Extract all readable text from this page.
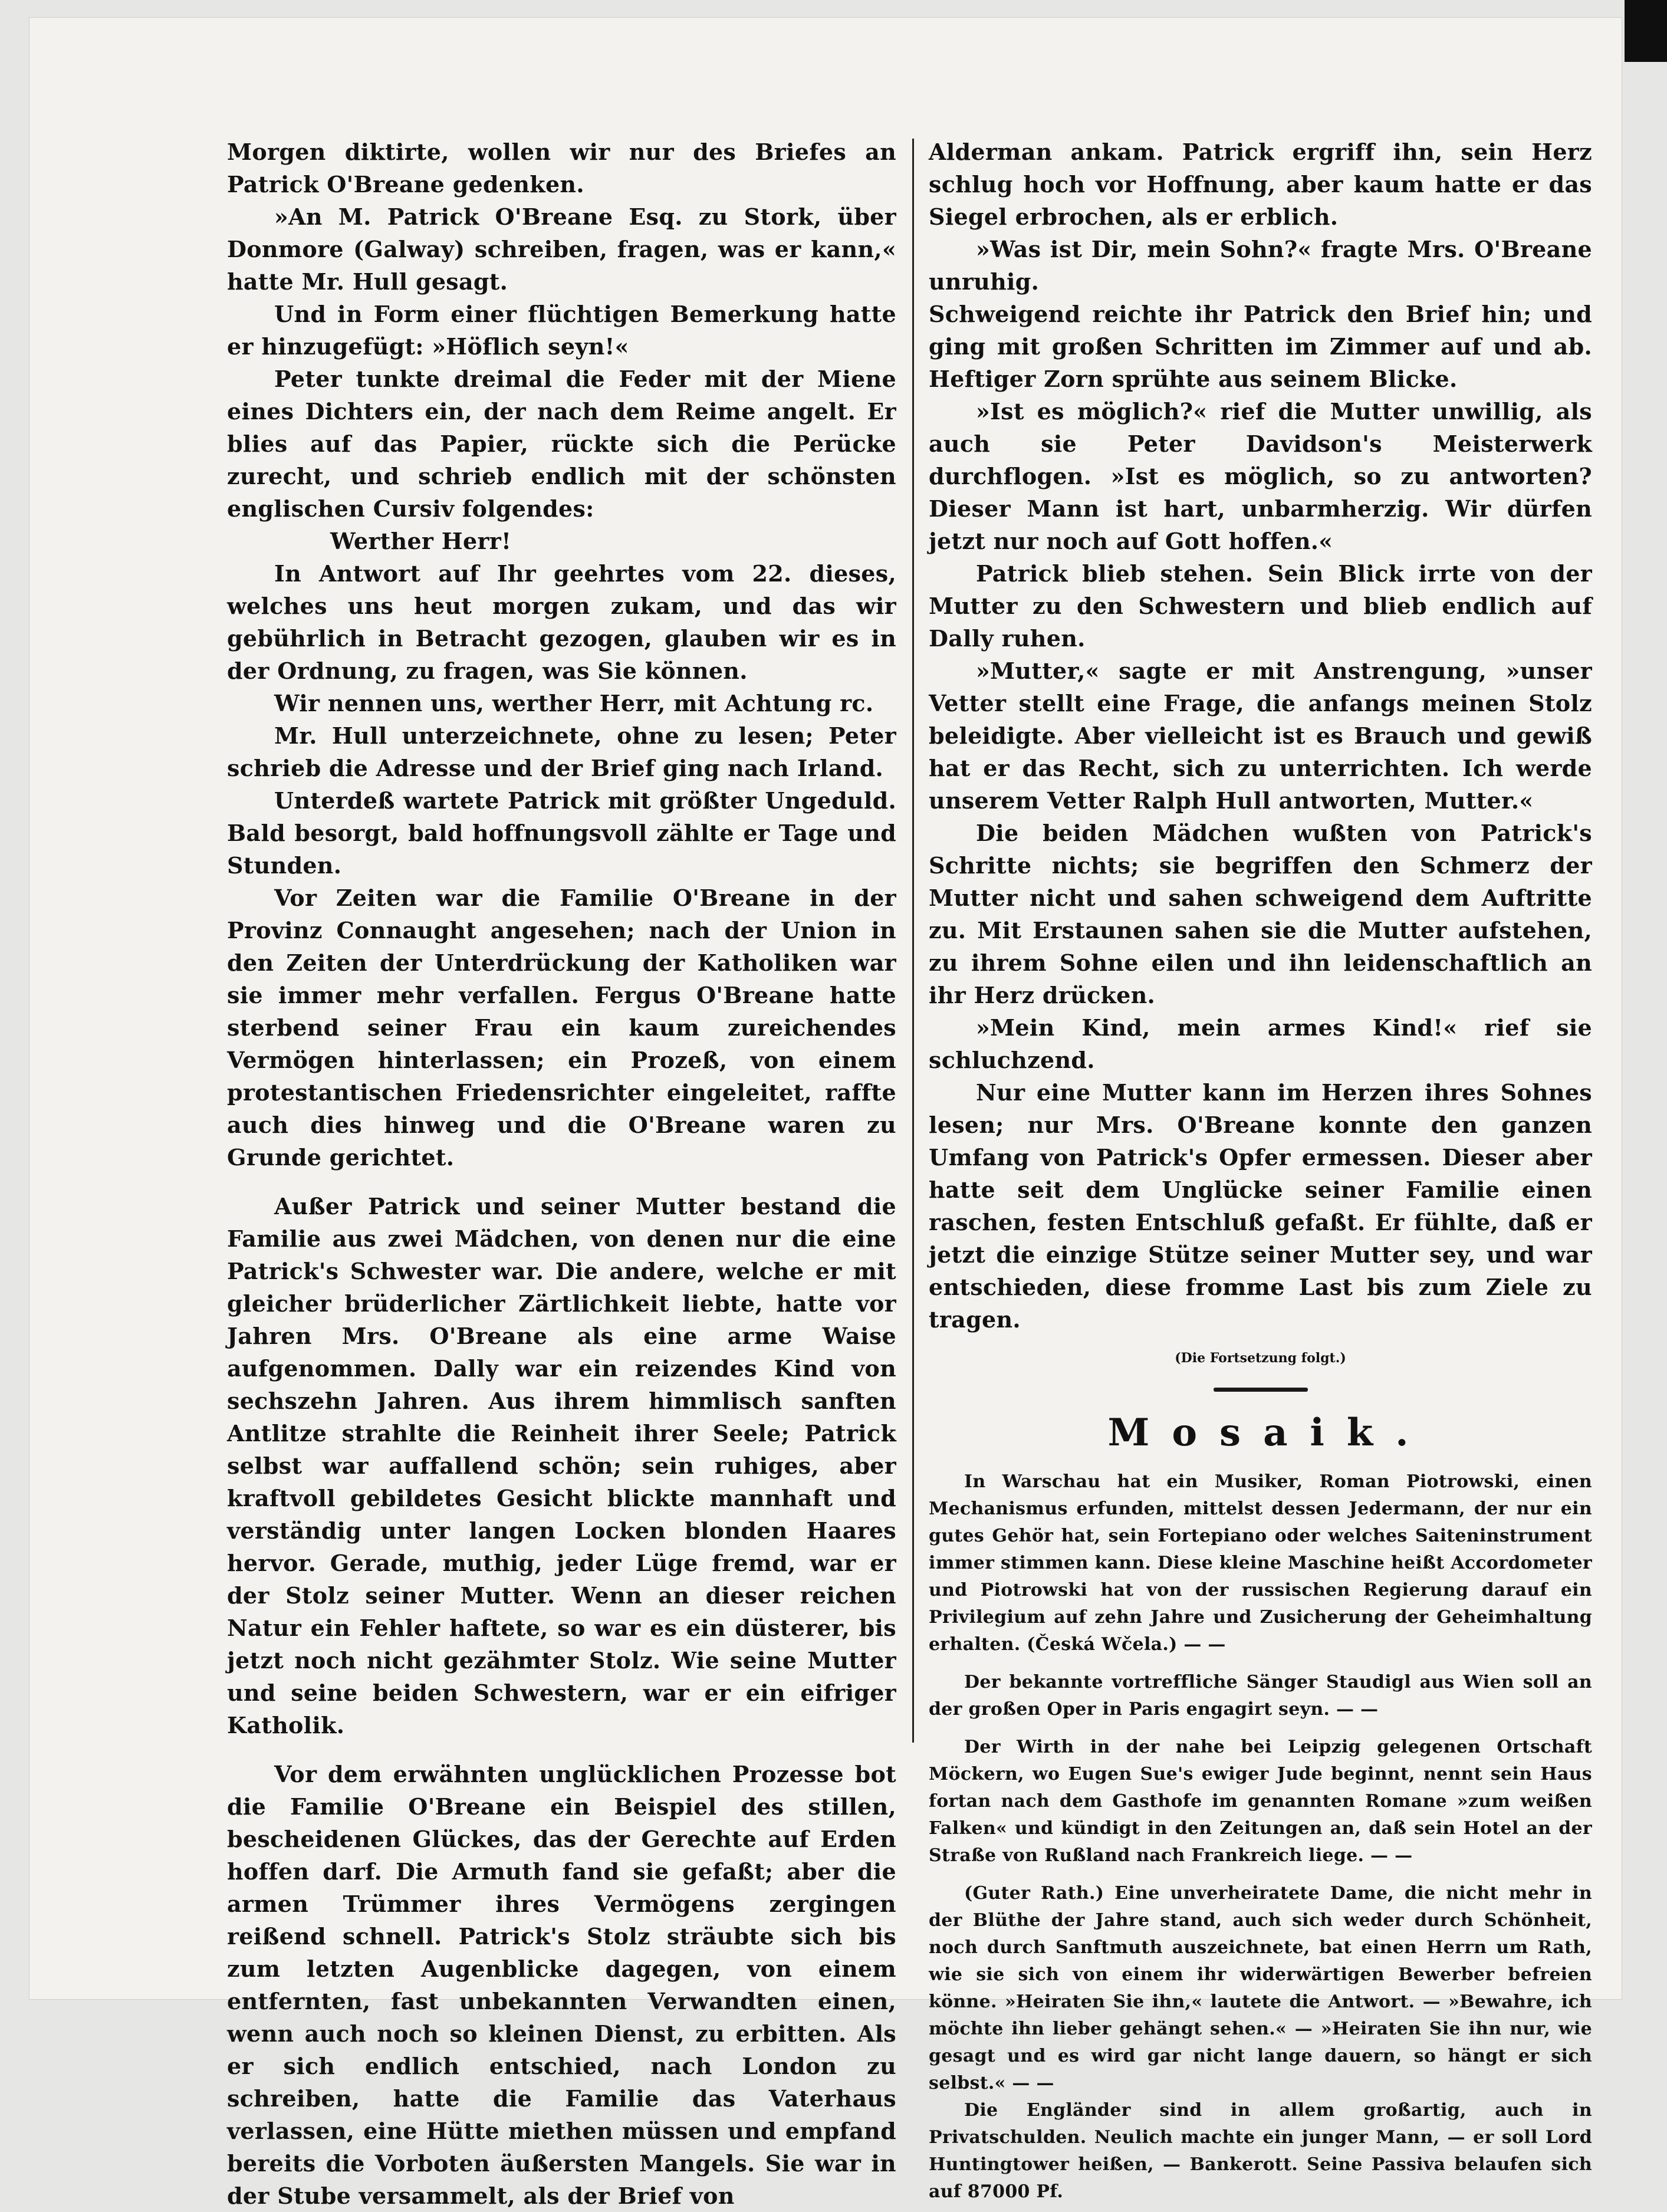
Morgen diktirte, wollen wir nur des Briefes an Patrick O'Breane gedenken.

»An M. Patrick O'Breane Esq. zu Stork, über Donmore (Galway) schreiben, fragen, was er kann,« hatte Mr. Hull gesagt.

Und in Form einer flüchtigen Bemerkung hatte er hinzugefügt: »Höflich seyn!«

Peter tunkte dreimal die Feder mit der Miene eines Dichters ein, der nach dem Reime angelt. Er blies auf das Papier, rückte sich die Perücke zurecht, und schrieb endlich mit der schönsten englischen Cursiv folgendes:

Werther Herr!

In Antwort auf Ihr geehrtes vom 22. dieses, welches uns heut morgen zukam, und das wir gebührlich in Betracht gezogen, glauben wir es in der Ordnung, zu fragen, was Sie können.

Wir nennen uns, werther Herr, mit Achtung rc.

Mr. Hull unterzeichnete, ohne zu lesen; Peter schrieb die Adresse und der Brief ging nach Irland.

Unterdeß wartete Patrick mit größter Ungeduld. Bald besorgt, bald hoffnungsvoll zählte er Tage und Stunden.

Vor Zeiten war die Familie O'Breane in der Provinz Connaught angesehen; nach der Union in den Zeiten der Unterdrückung der Katholiken war sie immer mehr verfallen. Fergus O'Breane hatte sterbend seiner Frau ein kaum zureichendes Vermögen hinterlassen; ein Prozeß, von einem protestantischen Friedensrichter eingeleitet, raffte auch dies hinweg und die O'Breane waren zu Grunde gerichtet.

Außer Patrick und seiner Mutter bestand die Familie aus zwei Mädchen, von denen nur die eine Patrick's Schwester war. Die andere, welche er mit gleicher brüderlicher Zärtlichkeit liebte, hatte vor Jahren Mrs. O'Breane als eine arme Waise aufgenommen. Dally war ein reizendes Kind von sechszehn Jahren. Aus ihrem himmlisch sanften Antlitze strahlte die Reinheit ihrer Seele; Patrick selbst war auffallend schön; sein ruhiges, aber kraftvoll gebildetes Gesicht blickte mannhaft und verständig unter langen Locken blonden Haares hervor. Gerade, muthig, jeder Lüge fremd, war er der Stolz seiner Mutter. Wenn an dieser reichen Natur ein Fehler haftete, so war es ein düsterer, bis jetzt noch nicht gezähmter Stolz. Wie seine Mutter und seine beiden Schwestern, war er ein eifriger Katholik.

Vor dem erwähnten unglücklichen Prozesse bot die Familie O'Breane ein Beispiel des stillen, bescheidenen Glückes, das der Gerechte auf Erden hoffen darf. Die Armuth fand sie gefaßt; aber die armen Trümmer ihres Vermögens zergingen reißend schnell. Patrick's Stolz sträubte sich bis zum letzten Augenblicke dagegen, von einem entfernten, fast unbekannten Verwandten einen, wenn auch noch so kleinen Dienst, zu erbitten. Als er sich endlich entschied, nach London zu schreiben, hatte die Familie das Vaterhaus verlassen, eine Hütte miethen müssen und empfand bereits die Vorboten äußersten Mangels. Sie war in der Stube versammelt, als der Brief von

Alderman ankam. Patrick ergriff ihn, sein Herz schlug hoch vor Hoffnung, aber kaum hatte er das Siegel erbrochen, als er erblich.

»Was ist Dir, mein Sohn?« fragte Mrs. O'Breane unruhig.

Schweigend reichte ihr Patrick den Brief hin; und ging mit großen Schritten im Zimmer auf und ab. Heftiger Zorn sprühte aus seinem Blicke.

»Ist es möglich?« rief die Mutter unwillig, als auch sie Peter Davidson's Meisterwerk durchflogen. »Ist es möglich, so zu antworten? Dieser Mann ist hart, unbarmherzig. Wir dürfen jetzt nur noch auf Gott hoffen.«

Patrick blieb stehen. Sein Blick irrte von der Mutter zu den Schwestern und blieb endlich auf Dally ruhen.

»Mutter,« sagte er mit Anstrengung, »unser Vetter stellt eine Frage, die anfangs meinen Stolz beleidigte. Aber vielleicht ist es Brauch und gewiß hat er das Recht, sich zu unterrichten. Ich werde unserem Vetter Ralph Hull antworten, Mutter.«

Die beiden Mädchen wußten von Patrick's Schritte nichts; sie begriffen den Schmerz der Mutter nicht und sahen schweigend dem Auftritte zu. Mit Erstaunen sahen sie die Mutter aufstehen, zu ihrem Sohne eilen und ihn leidenschaftlich an ihr Herz drücken.

»Mein Kind, mein armes Kind!« rief sie schluchzend.

Nur eine Mutter kann im Herzen ihres Sohnes lesen; nur Mrs. O'Breane konnte den ganzen Umfang von Patrick's Opfer ermessen. Dieser aber hatte seit dem Unglücke seiner Familie einen raschen, festen Entschluß gefaßt. Er fühlte, daß er jetzt die einzige Stütze seiner Mutter sey, und war entschieden, diese fromme Last bis zum Ziele zu tragen.

(Die Fortsetzung folgt.)
Mosaik.

In Warschau hat ein Musiker, Roman Piotrowski, einen Mechanismus erfunden, mittelst dessen Jedermann, der nur ein gutes Gehör hat, sein Fortepiano oder welches Saiteninstrument immer stimmen kann. Diese kleine Maschine heißt Accordometer und Piotrowski hat von der russischen Regierung darauf ein Privilegium auf zehn Jahre und Zusicherung der Geheimhaltung erhalten. (Česká Wčela.) — —

Der bekannte vortreffliche Sänger Staudigl aus Wien soll an der großen Oper in Paris engagirt seyn. — —

Der Wirth in der nahe bei Leipzig gelegenen Ortschaft Möckern, wo Eugen Sue's ewiger Jude beginnt, nennt sein Haus fortan nach dem Gasthofe im genannten Romane »zum weißen Falken« und kündigt in den Zeitungen an, daß sein Hotel an der Straße von Rußland nach Frankreich liege. — —

(Guter Rath.) Eine unverheiratete Dame, die nicht mehr in der Blüthe der Jahre stand, auch sich weder durch Schönheit, noch durch Sanftmuth auszeichnete, bat einen Herrn um Rath, wie sie sich von einem ihr widerwärtigen Bewerber befreien könne. »Heiraten Sie ihn,« lautete die Antwort. — »Bewahre, ich möchte ihn lieber gehängt sehen.« — »Heiraten Sie ihn nur, wie gesagt und es wird gar nicht lange dauern, so hängt er sich selbst.« — —

Die Engländer sind in allem großartig, auch in Privatschulden. Neulich machte ein junger Mann, — er soll Lord Huntingtower heißen, — Bankerott. Seine Passiva belaufen sich auf 87000 Pf.
